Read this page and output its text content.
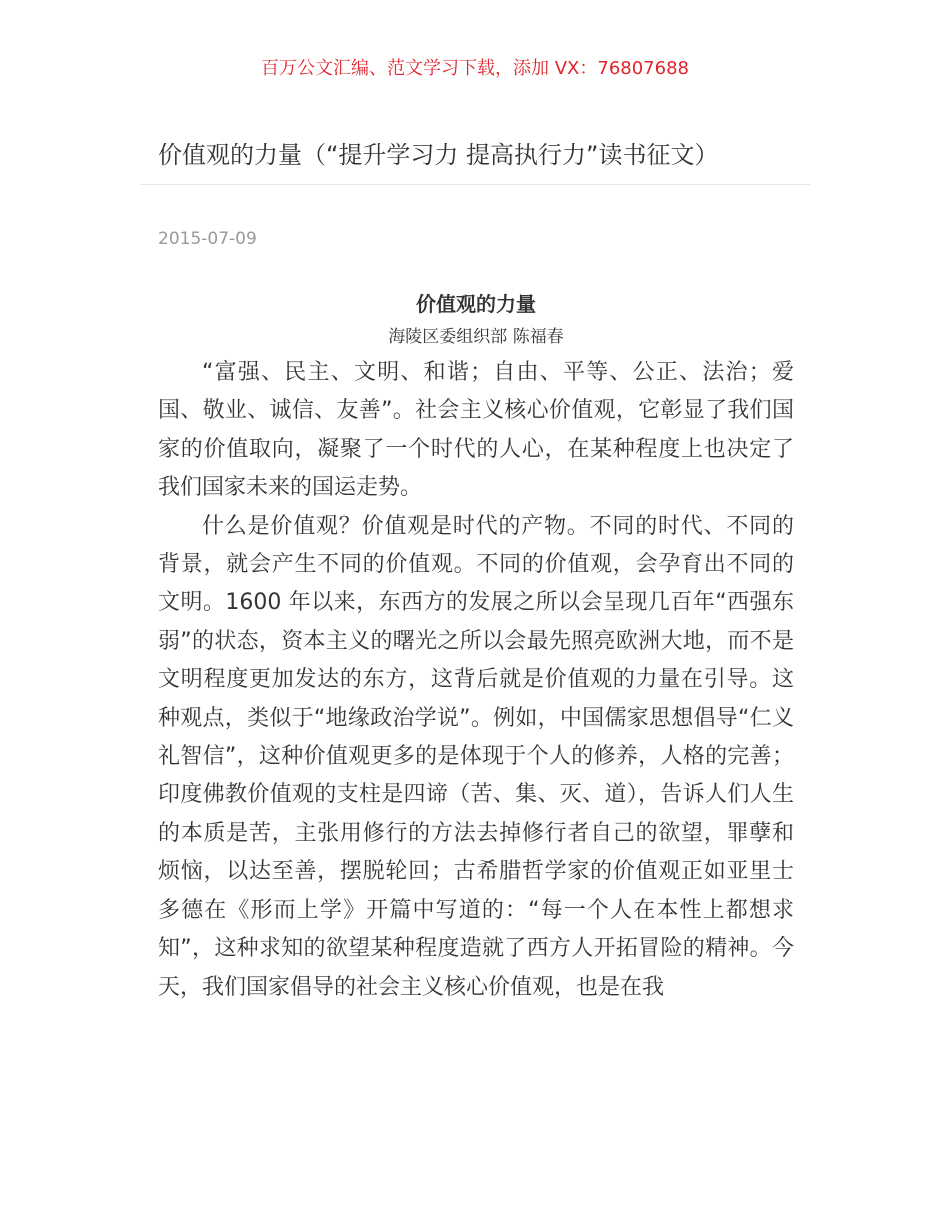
百万公文汇编、范文学习下载，添加 VX：76807688
价值观的力量（“提升学习力 提高执行力”读书征文）
2015-07-09

价值观的力量

海陵区委组织部 陈福春

“富强、民主、文明、和谐；自由、平等、公正、法治；爱国、敬业、诚信、友善”。社会主义核心价值观，它彰显了我们国家的价值取向，凝聚了一个时代的人心，在某种程度上也决定了我们国家未来的国运走势。

什么是价值观？价值观是时代的产物。不同的时代、不同的背景，就会产生不同的价值观。不同的价值观，会孕育出不同的文明。1600 年以来，东西方的发展之所以会呈现几百年“西强东弱”的状态，资本主义的曙光之所以会最先照亮欧洲大地，而不是文明程度更加发达的东方，这背后就是价值观的力量在引导。这种观点，类似于“地缘政治学说”。例如，中国儒家思想倡导“仁义礼智信”，这种价值观更多的是体现于个人的修养，人格的完善；印度佛教价值观的支柱是四谛（苦、集、灭、道），告诉人们人生的本质是苦，主张用修行的方法去掉修行者自己的欲望，罪孽和烦恼，以达至善，摆脱轮回；古希腊哲学家的价值观正如亚里士多德在《形而上学》开篇中写道的：“每一个人在本性上都想求知”，这种求知的欲望某种程度造就了西方人开拓冒险的精神。今天，我们国家倡导的社会主义核心价值观，也是在我
